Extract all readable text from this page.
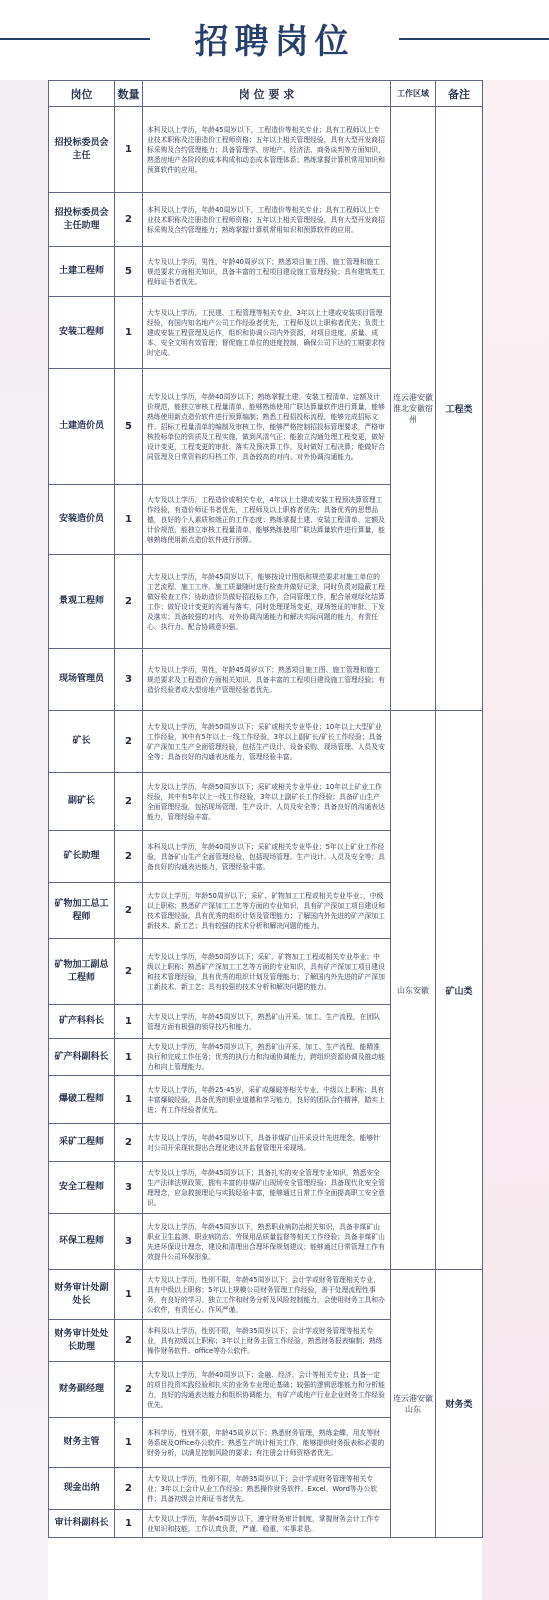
招聘岗位
岗位	数量	岗 位 要 求	工作区域	备注
招投标委员会主任	1	本科及以上学历，年龄45周岁以下，工程造价等相关专业；具有工程师以上专业技术职称及注册造价工程师资格；五年以上相关管理经验，具有大型开发商招标采购及合约管理能力；具备管理学、房地产、经济法、商务谈判等方面知识，熟悉房地产各阶段的成本构成和动态成本管理体系；熟练掌握计算机常用知识和预算软件的应用。	连云港安徽淮北安徽宿州	工程类
招投标委员会主任助理	2	本科及以上学历，年龄40周岁以下，工程造价等相关专业；具有工程师以上专业技术职称及注册造价工程师资格；五年以上相关管理经验，具有大型开发商招标采购及合约管理能力；熟练掌握计算机常用知识和预算软件的应用。		
土建工程师	5	大专及以上学历，男性，年龄40周岁以下；熟悉项目施工图、施工管理和施工规范要求方面相关知识，具备丰富的工程项目建设施工管理经验；具有建筑类工程师证书者优先。		
安装工程师	1	大专及以上学历，工民建、工程管理等相关专业，3年以上土建或安装项目管理经验，有国内知名地产公司工作经验者优先，工程师及以上职称者优先；负责土建或安装工程管理及运作，组织和协调公司内外资源，对项目进度、质量、成本、安全文明有效管理；督促施工单位的进度控制，确保公司下达的工期要求按时完成。		
土建造价员	5	大专及以上学历，年龄40周岁以下；熟练掌握土建、安装工程清单、定额及计价规范，能独立审核工程量清单，能够熟练使用广联达算量软件进行算量，能够熟练使用新点造价软件进行预算编制；熟悉工程招投标流程，能够完成招标文件、招标工程量清单的编制及审核工作，能够严格控制招投标管理要求，严格审核投标单位的资质及工程实施，做到风清气正；能独立沟通处理工程变更，做好设计变更，工程变更的审批、落实及预决算工作，及时做好工程决算；能做好合同管理及日常资料的归档工作，具备较高的对内、对外协调沟通能力。		
安装造价员	1	大专及以上学历，工程造价或相关专业，4年以上土建或安装工程预决算管理工作经验，有造价师证书者优先，工程师及以上职称者优先；具备优秀的思想品德，良好的个人素质和端正的工作态度；熟练掌握土建、安装工程清单、定额及计价规范，能独立审核工程量清单，能够熟练使用广联达算量软件进行算量，能够熟练使用新点造价软件进行预算。		
景观工程师	2	大专及以上学历，年龄45周岁以下，能够按设计图纸和规范要求对施工单位的工艺流程、施工工序、施工质量随时进行检查并做好记录，同时负责对隐蔽工程做好检查工作；协助造价员做好招投标工作，合同管理工作，配合景观绿化结算工作；做好设计变更的沟通与落实，同时处理现场变更，现场签证的审批、下发及落实；具备较强的对内、对外协调沟通能力和解决实际问题的能力，有责任心、执行力、配合协调意识强。		
现场管理员	3	大专及以上学历，男性，年龄45周岁以下；熟悉项目施工图、施工管理和施工规范要求及工程造价方面相关知识，具备丰富的工程项目建设施工管理经验；有造价经验者或大型房地产管理经验者优先。		
矿长	2	大专及以上学历，年龄50周岁以下；采矿或相关专业毕业；10年以上大型矿业工作经验，其中有5年以上一线工作经验，3年以上副矿长/矿长工作经验；具备矿产深加工生产全面管理经验，包括生产设计、设备采购、现场管理、人员及安全等；具备良好的沟通表达能力，管理经验丰富。	山东安徽	矿山类
副矿长	2	大专及以上学历，年龄50周岁以下；采矿或相关专业毕业；10年以上矿业工作经验，其中有5年以上一线工作经验，3年以上副矿长工作经验；具备矿山生产全面管理经验，包括现场管理、生产设计、人员及安全等；具备良好的沟通表达能力，管理经验丰富。		
矿长助理	2	本科及以上学历，年龄40周岁以下；采矿或相关专业毕业；5年以上矿业工作经验，具备矿山生产全面管理经验，包括现场管理、生产设计、人员及安全等；具备良好的沟通表达能力，管理经验丰富。		
矿物加工总工程师	2	大专以上学历，年龄50周岁以下；采矿、矿物加工工程或相关专业毕业；，中级以上职称；熟悉矿产深加工工艺等方面的专业知识，具有矿产深加工项目建设和技术管理经验，具有优秀的组织计划及管理能力；了解国内外先进的矿产深加工新技术、新工艺；具有较强的技术分析和解决问题的能力。		
矿物加工副总工程师	2	大专及以上学历，年龄50周岁以下；采矿、矿物加工工程或相关专业毕业；中级以上职称；熟悉矿产深加工工艺等方面的专业知识，具有矿产深加工项目建设和技术管理经验，具有优秀的组织计划及管理能力；了解国内外先进的矿产深加工新技术、新工艺；具有较强的技术分析和解决问题的能力。		
矿产科科长	1	大专及以上学历，年龄45周岁以下，熟悉矿山开采、加工、生产流程，在团队管理方面有极强的领导技巧和能力。		
矿产科副科长	1	大专及以上学历，年龄45周岁以下，熟悉矿山开采、加工、生产流程，能精准执行和完成工作任务；优秀的执行力和沟通协调能力，跨组织资源协调及推动能力和向上管理能力。		
爆破工程师	1	大专及以上学历，年龄25-45岁，采矿或爆破等相关专业，中级以上职称；具有丰富爆破经验，具备优秀的职业道德和学习能力，良好的团队合作精神，踏实上进；有工作经验者优先。		
采矿工程师	2	大专及以上学历，年龄45周岁以下，具备非煤矿山开采设计先进理念，能够针对公司开采现状提出合理化建议并监督管理开采现场。		
安全工程师	3	大专及以上学历，年龄45周岁以下；具备扎实的安全管理专业知识，熟悉安全生产法律法规政策，拥有丰富的非煤矿山现场安全管理经验；具备现代化安全管理理念，应急救援理论与实践经验丰富，能够通过日常工作全面提高职工安全意识。		
环保工程师	3	大专及以上学历，年龄45周岁以下，熟悉职业病防治相关知识，具备非煤矿山职业卫生监测、职业病防治、劳保用品质量监督等相关工作经验；具备非煤矿山先进环保设计理念，建设和清理出合理环保规划建议；能够通过日常管理工作有效提升公司环保形象。		
财务审计处副处长	1	大专及以上学历，性别不限，年龄45周岁以下；会计学或财务管理相关专业，具有中级以上职称；5年以上规模公司财务管理工作经验，善于处理流程性事务，有良好的学习、独立工作和财务分析及风险控制能力，会使用财务工具和办公软件，有责任心、作风严谨。	连云港安徽山东	财务类
财务审计处处长助理	2	本科及以上学历，性别不限，年龄35周岁以下；会计学或财务管理等相关专业，具有初级以上职称；3年以上财务主管工作经验，熟悉财务报表编制；熟练操作财务软件、office等办公软件。		
财务副经理	2	大专及以上学历，年龄40周岁以下；金融、经济、会计等相关专业；具备一定的项目投资实践经验和扎实的业务专业理论基础；较强的逻辑思维能力和分析能力，良好的沟通表达能力和组织协调能力，有矿产或地产行业企业财务工作经验优先。		
财务主管	1	本科学历，性别不限，年龄45周岁以下；熟悉财务管理，熟练金蝶、用友等财务系统及Office办公软件；熟悉生产统计相关工作，能够提供财务报表和必要的财务分析，以满足控制风险的要求；有注册会计师资格者优先。		
现金出纳	2	大专及以上学历，性别不限，年龄35周岁以下；会计学或财务管理等相关专业；3年以上会计从业工作经验；熟悉操作财务软件、Excel、Word等办公软件；具备初级会计师证书者优先。		
审计科副科长	1	大专及以上学历，年龄45周岁以下，遵守财务审计制度，掌握财务会计工作专业知识和技能，工作认真负责，严谨、稳重、实事求是。		
